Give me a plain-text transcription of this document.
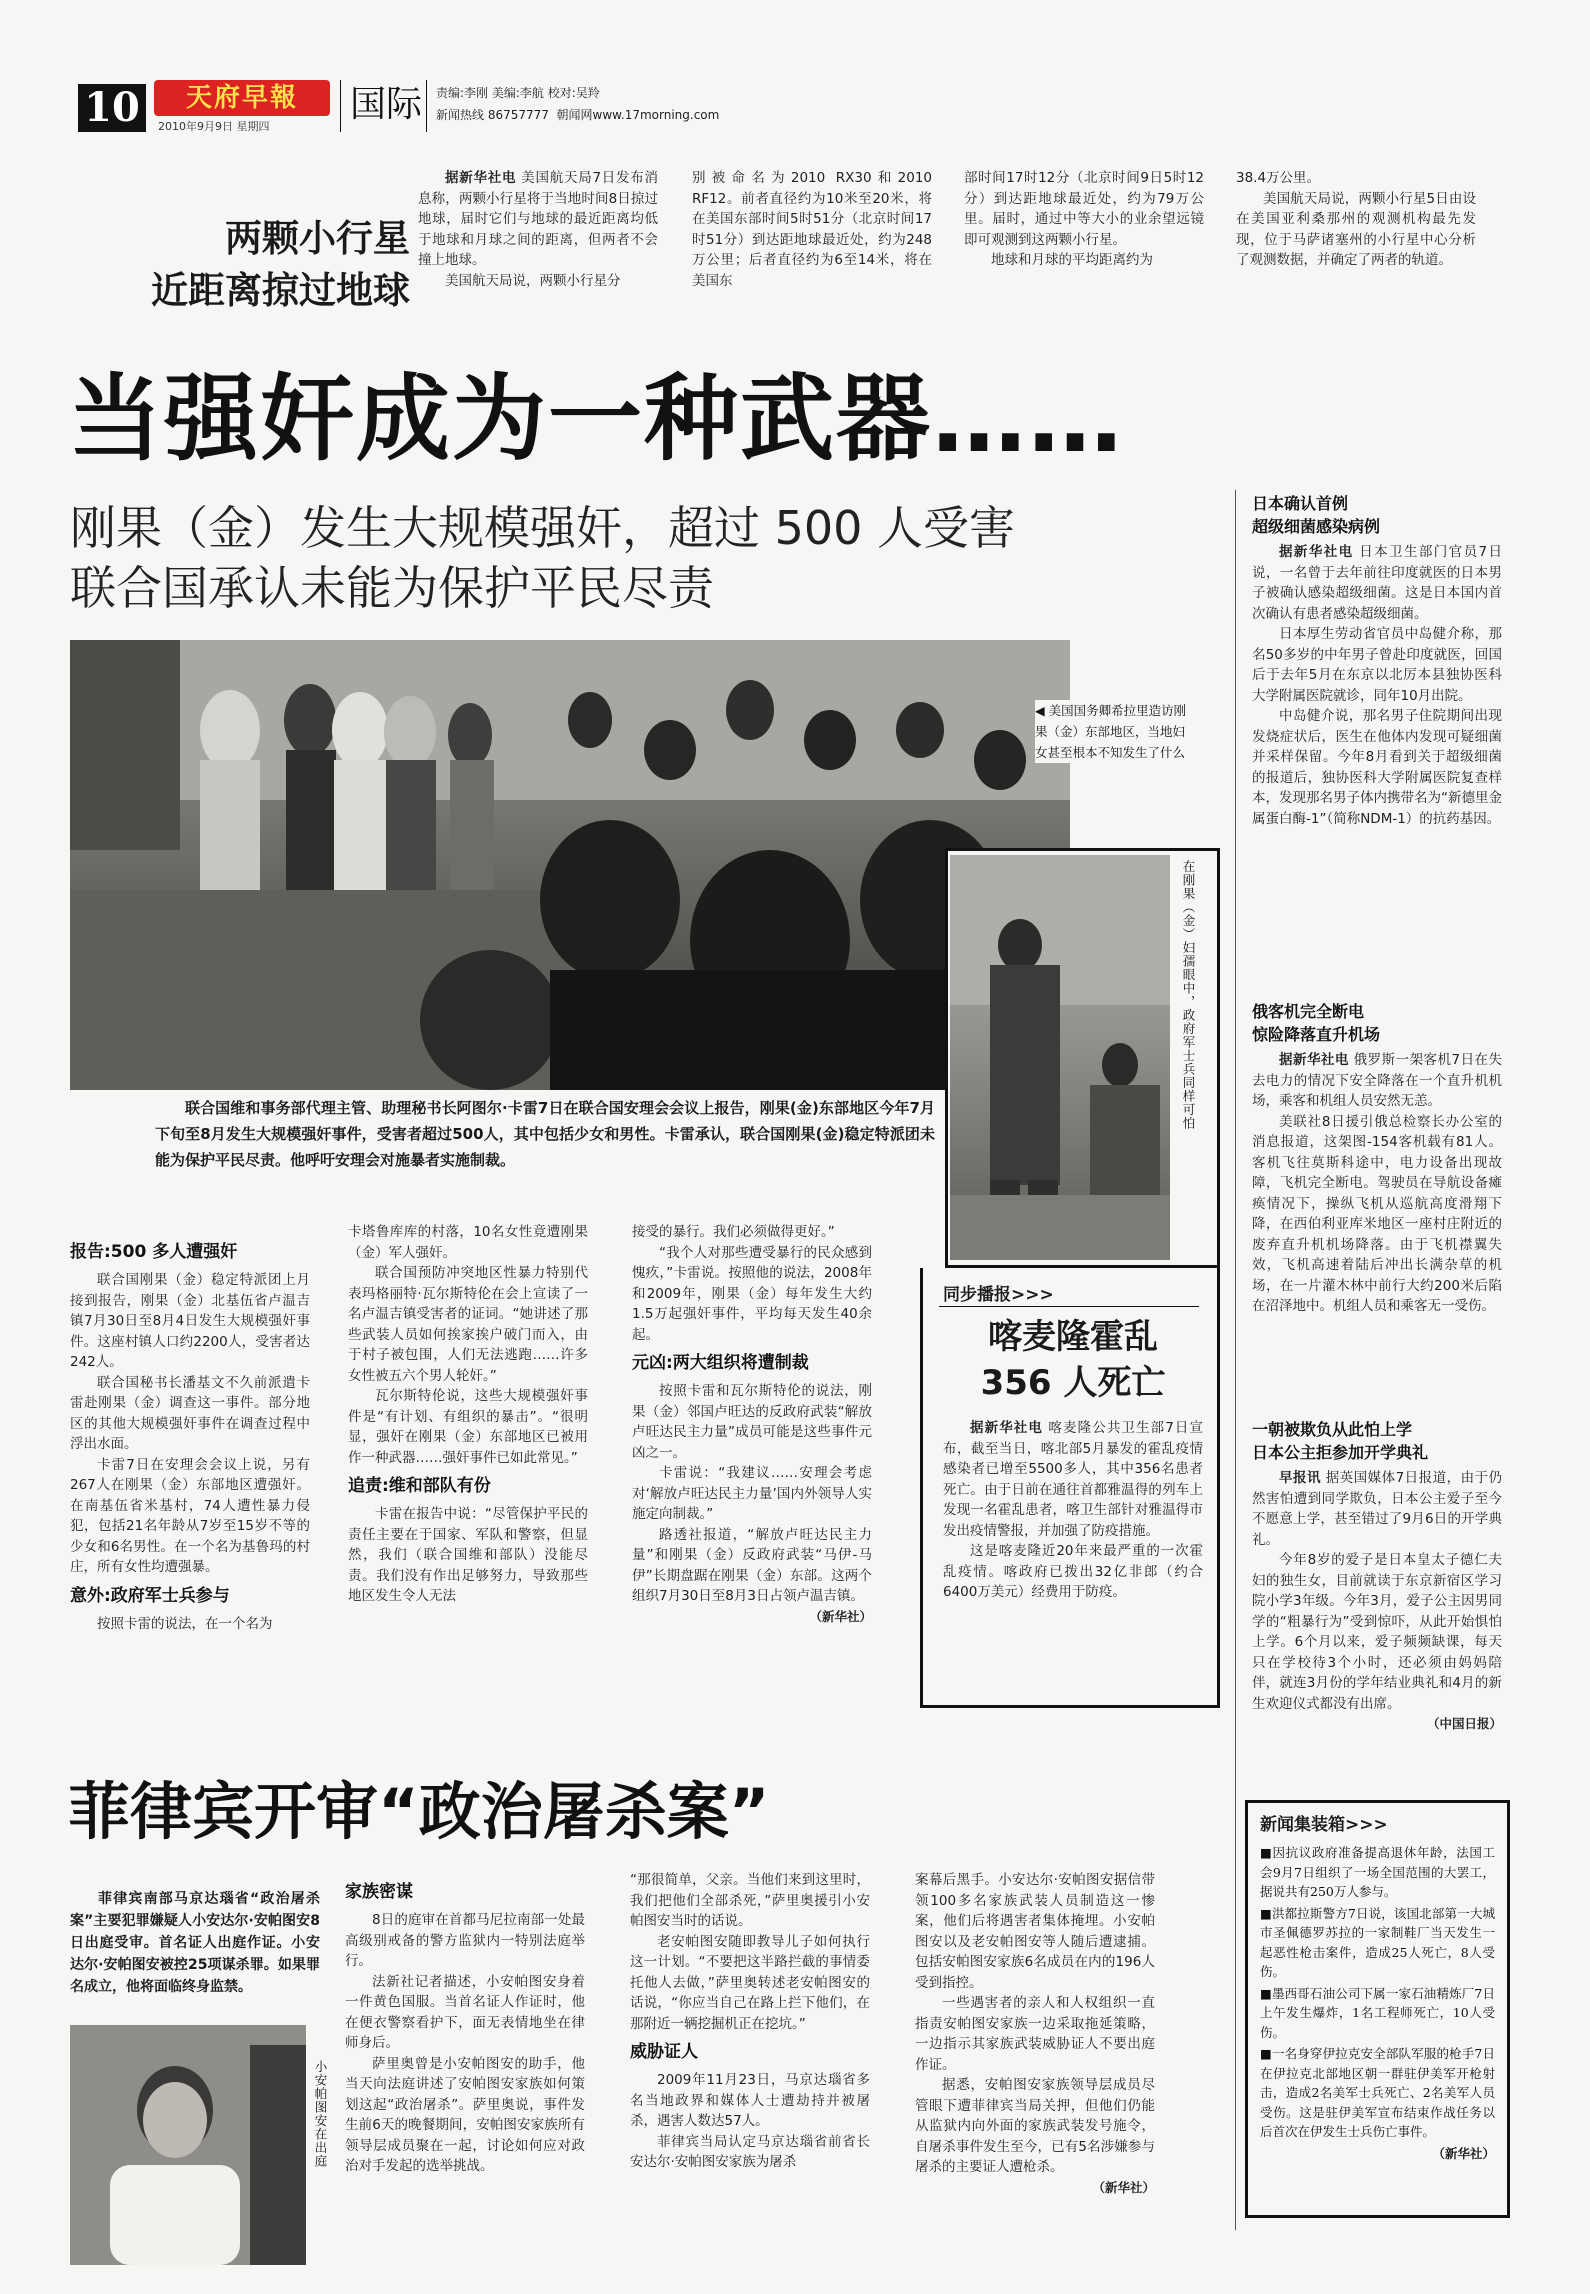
10	天府早報
2010年9月9日 星期四
国际 责编:李刚 美编:李航 校对:吴羚
新闻热线 86757777 朝闻网www.17morning.com
两颗小行星
近距离掠过地球

据新华社电 美国航天局7日发布消息称，两颗小行星将于当地时间8日掠过地球，届时它们与地球的最近距离均低于地球和月球之间的距离，但两者不会撞上地球。

美国航天局说，两颗小行星分

别被命名为2010 RX30和2010 RF12。前者直径约为10米至20米，将在美国东部时间5时51分（北京时间17时51分）到达距地球最近处，约为248万公里；后者直径约为6至14米，将在美国东
部时间17时12分（北京时间9日5时12分）到达距地球最近处，约为79万公里。届时，通过中等大小的业余望远镜即可观测到这两颗小行星。

地球和月球的平均距离约为

38.4万公里。

美国航天局说，两颗小行星5日由设在美国亚利桑那州的观测机构最先发现，位于马萨诸塞州的小行星中心分析了观测数据，并确定了两者的轨道。

当强奸成为一种武器……
刚果（金）发生大规模强奸，超过 500 人受害
联合国承认未能为保护平民尽责
◀ 美国国务卿希拉里造访刚果（金）东部地区，当地妇女甚至根本不知发生了什么
在刚果（金）妇孺眼中，政府军士兵同样可怕
联合国维和事务部代理主管、助理秘书长阿图尔·卡雷7日在联合国安理会会议上报告，刚果(金)东部地区今年7月下旬至8月发生大规模强奸事件，受害者超过500人，其中包括少女和男性。卡雷承认，联合国刚果(金)稳定特派团未能为保护平民尽责。他呼吁安理会对施暴者实施制裁。
报告:500 多人遭强奸

联合国刚果（金）稳定特派团上月接到报告，刚果（金）北基伍省卢温吉镇7月30日至8月4日发生大规模强奸事件。这座村镇人口约2200人，受害者达242人。

联合国秘书长潘基文不久前派遣卡雷赴刚果（金）调查这一事件。部分地区的其他大规模强奸事件在调查过程中浮出水面。

卡雷7日在安理会会议上说，另有267人在刚果（金）东部地区遭强奸。在南基伍省米基村，74人遭性暴力侵犯，包括21名年龄从7岁至15岁不等的少女和6名男性。在一个名为基鲁玛的村庄，所有女性均遭强暴。

意外:政府军士兵参与

按照卡雷的说法，在一个名为

卡塔鲁库库的村落，10名女性竟遭刚果（金）军人强奸。

联合国预防冲突地区性暴力特别代表玛格丽特·瓦尔斯特伦在会上宣读了一名卢温吉镇受害者的证词。“她讲述了那些武装人员如何挨家挨户破门而入，由于村子被包围，人们无法逃跑……许多女性被五六个男人轮奸。”

瓦尔斯特伦说，这些大规模强奸事件是“有计划、有组织的暴击”。“很明显，强奸在刚果（金）东部地区已被用作一种武器……强奸事件已如此常见。”

追责:维和部队有份

卡雷在报告中说：“尽管保护平民的责任主要在于国家、军队和警察，但显然，我们（联合国维和部队）没能尽责。我们没有作出足够努力，导致那些地区发生令人无法

接受的暴行。我们必须做得更好。”

“我个人对那些遭受暴行的民众感到愧疚，”卡雷说。按照他的说法，2008年和2009年，刚果（金）每年发生大约1.5万起强奸事件，平均每天发生40余起。

元凶:两大组织将遭制裁

按照卡雷和瓦尔斯特伦的说法，刚果（金）邻国卢旺达的反政府武装“解放卢旺达民主力量”成员可能是这些事件元凶之一。

卡雷说：“我建议……安理会考虑对‘解放卢旺达民主力量’国内外领导人实施定向制裁。”

路透社报道，“解放卢旺达民主力量”和刚果（金）反政府武装“马伊-马伊”长期盘踞在刚果（金）东部。这两个组织7月30日至8月3日占领卢温吉镇。

（新华社）
同步播报>>>
喀麦隆霍乱
356 人死亡

据新华社电 喀麦隆公共卫生部7日宣布，截至当日，喀北部5月暴发的霍乱疫情感染者已增至5500多人，其中356名患者死亡。由于日前在通往首都雅温得的列车上发现一名霍乱患者，喀卫生部针对雅温得市发出疫情警报，并加强了防疫措施。

这是喀麦隆近20年来最严重的一次霍乱疫情。喀政府已拨出32亿非郎（约合6400万美元）经费用于防疫。

日本确认首例
超级细菌感染病例

据新华社电 日本卫生部门官员7日说，一名曾于去年前往印度就医的日本男子被确认感染超级细菌。这是日本国内首次确认有患者感染超级细菌。

日本厚生劳动省官员中岛健介称，那名50多岁的中年男子曾赴印度就医，回国后于去年5月在东京以北厉本县独协医科大学附属医院就诊，同年10月出院。

中岛健介说，那名男子住院期间出现发烧症状后，医生在他体内发现可疑细菌并采样保留。今年8月看到关于超级细菌的报道后，独协医科大学附属医院复查样本，发现那名男子体内携带名为“新德里金属蛋白酶-1”（简称NDM-1）的抗药基因。

俄客机完全断电
惊险降落直升机场

据新华社电 俄罗斯一架客机7日在失去电力的情况下安全降落在一个直升机机场，乘客和机组人员安然无恙。

美联社8日援引俄总检察长办公室的消息报道，这架图-154客机载有81人。客机飞往莫斯科途中，电力设备出现故障，飞机完全断电。驾驶员在导航设备瘫痪情况下，操纵飞机从巡航高度滑翔下降，在西伯利亚库米地区一座村庄附近的废弃直升机机场降落。由于飞机襟翼失效，飞机高速着陆后冲出长满杂草的机场，在一片灌木林中前行大约200米后陷在沼泽地中。机组人员和乘客无一受伤。

一朝被欺负从此怕上学
日本公主拒参加开学典礼

早报讯 据英国媒体7日报道，由于仍然害怕遭到同学欺负，日本公主爱子至今不愿意上学，甚至错过了9月6日的开学典礼。

今年8岁的爱子是日本皇太子德仁夫妇的独生女，目前就读于东京新宿区学习院小学3年级。今年3月，爱子公主因男同学的“粗暴行为”受到惊吓，从此开始惧怕上学。6个月以来，爱子频频缺课，每天只在学校待3个小时，还必须由妈妈陪伴，就连3月份的学年结业典礼和4月的新生欢迎仪式都没有出席。

（中国日报）
新闻集装箱>>>
■因抗议政府准备提高退休年龄，法国工会9月7日组织了一场全国范围的大罢工，据说共有250万人参与。
■洪都拉斯警方7日说，该国北部第一大城市圣佩德罗苏拉的一家制鞋厂当天发生一起恶性枪击案件，造成25人死亡，8人受伤。
■墨西哥石油公司下属一家石油精炼厂7日上午发生爆炸，1名工程师死亡，10人受伤。
■一名身穿伊拉克安全部队军服的枪手7日在伊拉克北部地区朝一群驻伊美军开枪射击，造成2名美军士兵死亡、2名美军人员受伤。这是驻伊美军宣布结束作战任务以后首次在伊发生士兵伤亡事件。
（新华社）
菲律宾开审“政治屠杀案”
菲律宾南部马京达瑙省“政治屠杀案”主要犯罪嫌疑人小安达尔·安帕图安8日出庭受审。首名证人出庭作证。小安达尔·安帕图安被控25项谋杀罪。如果罪名成立，他将面临终身监禁。
小安帕图安在出庭
家族密谋

8日的庭审在首都马尼拉南部一处最高级别戒备的警方监狱内一特别法庭举行。

法新社记者描述，小安帕图安身着一件黄色国服。当首名证人作证时，他在便衣警察看护下，面无表情地坐在律师身后。

萨里奥曾是小安帕图安的助手，他当天向法庭讲述了安帕图安家族如何策划这起“政治屠杀”。萨里奥说，事件发生前6天的晚餐期间，安帕图安家族所有领导层成员聚在一起，讨论如何应对政治对手发起的选举挑战。

“那很简单，父亲。当他们来到这里时，我们把他们全部杀死，”萨里奥援引小安帕图安当时的话说。

老安帕图安随即教导儿子如何执行这一计划。“不要把这半路拦截的事情委托他人去做，”萨里奥转述老安帕图安的话说，“你应当自己在路上拦下他们，在那附近一辆挖掘机正在挖坑。”

威胁证人

2009年11月23日，马京达瑙省多名当地政界和媒体人士遭劫持并被屠杀，遇害人数达57人。

菲律宾当局认定马京达瑙省前省长安达尔·安帕图安家族为屠杀

案幕后黑手。小安达尔·安帕图安据信带领100多名家族武装人员制造这一惨案，他们后将遇害者集体掩埋。小安帕图安以及老安帕图安等人随后遭逮捕。包括安帕图安家族6名成员在内的196人受到指控。

一些遇害者的亲人和人权组织一直指责安帕图安家族一边采取拖延策略，一边指示其家族武装威胁证人不要出庭作证。

据悉，安帕图安家族领导层成员尽管眼下遭菲律宾当局关押，但他们仍能从监狱内向外面的家族武装发号施令，自屠杀事件发生至今，已有5名涉嫌参与屠杀的主要证人遭枪杀。

（新华社）
